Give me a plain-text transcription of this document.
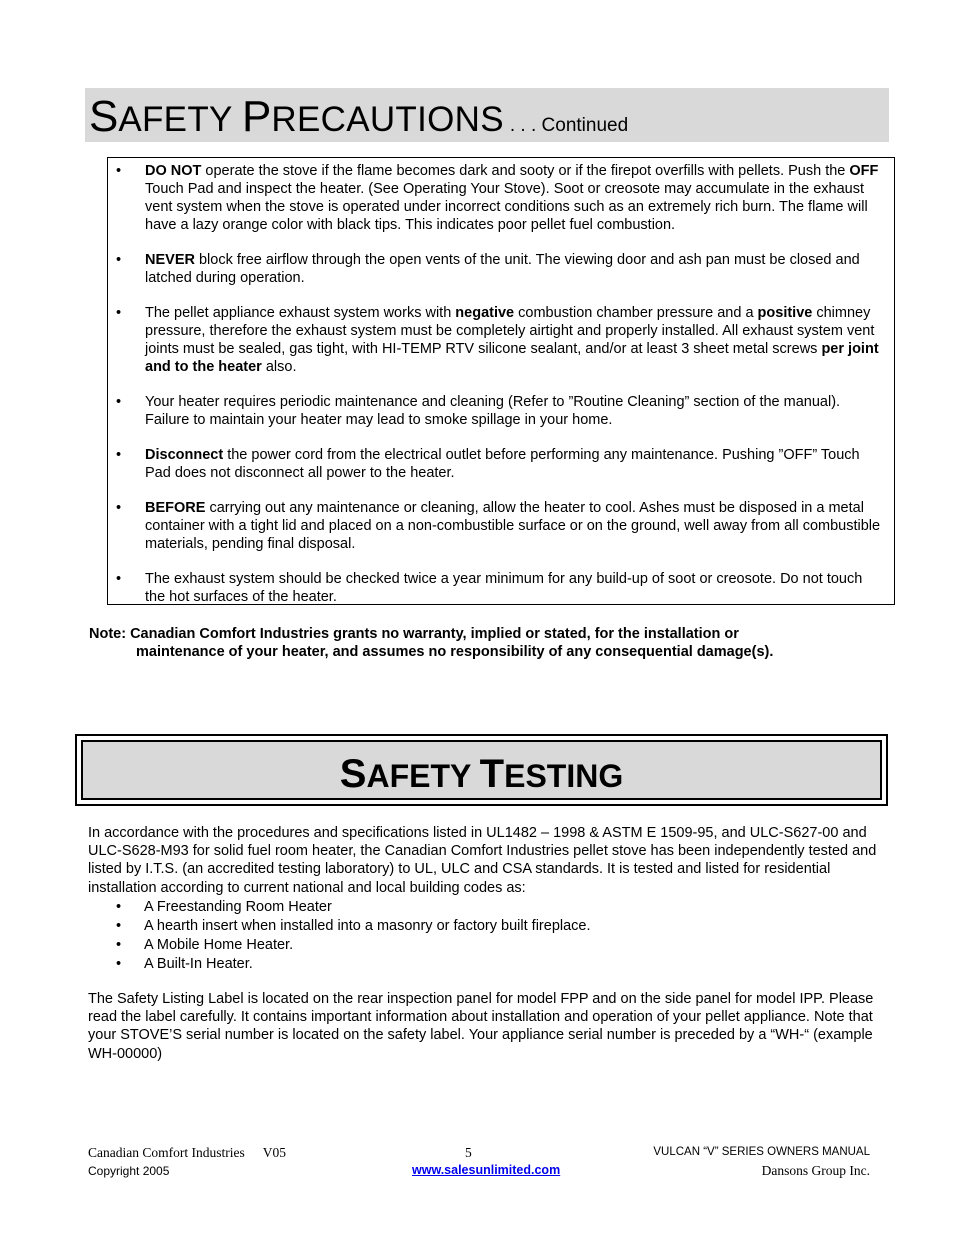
SAFETY PRECAUTIONS . . . Continued
• DO NOT operate the stove if the flame becomes dark and sooty or if the firepot overfills with pellets. Push the OFF Touch Pad and inspect the heater. (See Operating Your Stove). Soot or creosote may accumulate in the exhaust vent system when the stove is operated under incorrect conditions such as an extremely rich burn. The flame will have a lazy orange color with black tips. This indicates poor pellet fuel combustion.
• NEVER block free airflow through the open vents of the unit. The viewing door and ash pan must be closed and latched during operation.
• The pellet appliance exhaust system works with negative combustion chamber pressure and a positive chimney pressure, therefore the exhaust system must be completely airtight and properly installed. All exhaust system vent joints must be sealed, gas tight, with HI-TEMP RTV silicone sealant, and/or at least 3 sheet metal screws per joint and to the heater also.
• Your heater requires periodic maintenance and cleaning (Refer to ”Routine Cleaning” section of the manual). Failure to maintain your heater may lead to smoke spillage in your home.
• Disconnect the power cord from the electrical outlet before performing any maintenance. Pushing ”OFF” Touch Pad does not disconnect all power to the heater.
• BEFORE carrying out any maintenance or cleaning, allow the heater to cool. Ashes must be disposed in a metal container with a tight lid and placed on a non-combustible surface or on the ground, well away from all combustible materials, pending final disposal.
• The exhaust system should be checked twice a year minimum for any build-up of soot or creosote. Do not touch the hot surfaces of the heater.
Note: Canadian Comfort Industries grants no warranty, implied or stated, for the installation or
maintenance of your heater, and assumes no responsibility of any consequential damage(s).
SAFETY TESTING
In accordance with the procedures and specifications listed in UL1482 – 1998 & ASTM E 1509-95, and ULC-S627-00 and ULC-S628-M93 for solid fuel room heater, the Canadian Comfort Industries pellet stove has been independently tested and listed by I.T.S. (an accredited testing laboratory) to UL, ULC and CSA standards. It is tested and listed for residential installation according to current national and local building codes as:
• A Freestanding Room Heater
• A hearth insert when installed into a masonry or factory built fireplace.
• A Mobile Home Heater.
• A Built-In Heater.
The Safety Listing Label is located on the rear inspection panel for model FPP and on the side panel for model IPP. Please read the label carefully. It contains important information about installation and operation of your pellet appliance. Note that your STOVE’S serial number is located on the safety label. Your appliance serial number is preceded by a “WH-“ (example WH-00000)
Canadian Comfort Industries V05
Copyright 2005
5
www.salesunlimited.com
VULCAN “V” SERIES OWNERS MANUAL
Dansons Group Inc.
